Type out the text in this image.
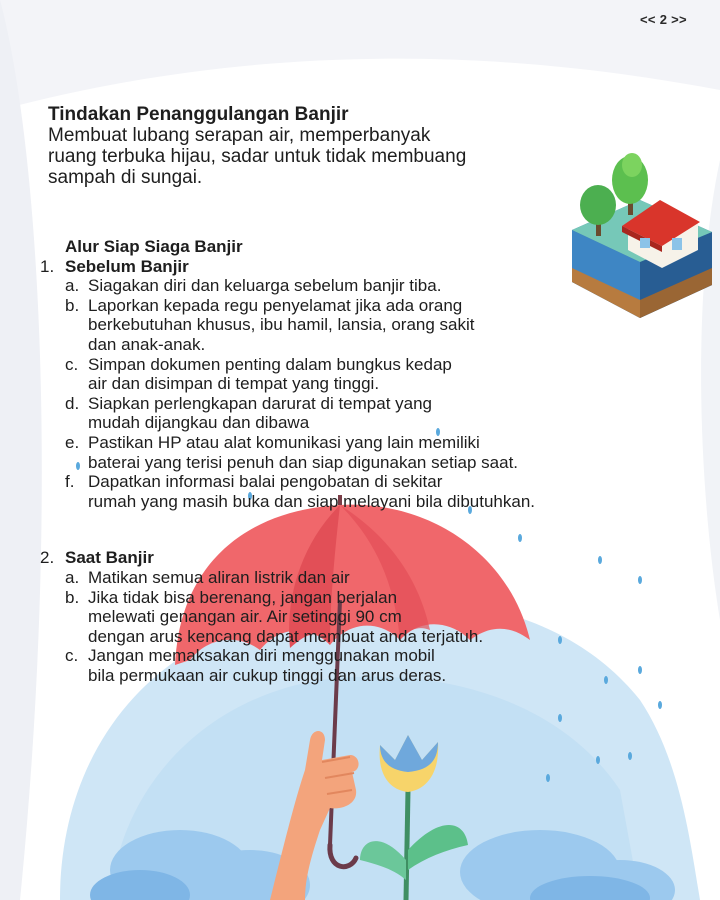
<< 2 >>
Tindakan Penanggulangan Banjir
Membuat lubang serapan air, memperbanyak
ruang terbuka hijau, sadar untuk tidak membuang
sampah di sungai.
Alur Siap Siaga Banjir
1. Sebelum Banjir
a. Siagakan diri dan keluarga sebelum banjir tiba.
b. Laporkan kepada regu penyelamat jika ada orang
berkebutuhan khusus, ibu hamil, lansia, orang sakit
dan anak-anak.
c. Simpan dokumen penting dalam bungkus kedap
air dan disimpan di tempat yang tinggi.
d. Siapkan perlengkapan darurat di tempat yang
mudah dijangkau dan dibawa
e. Pastikan HP atau alat komunikasi yang lain memiliki
baterai yang terisi penuh dan siap digunakan setiap saat.
f. Dapatkan informasi balai pengobatan di sekitar
rumah yang masih buka dan siap melayani bila dibutuhkan.
2. Saat Banjir
a. Matikan semua aliran listrik dan air
b. Jika tidak bisa berenang, jangan berjalan
melewati genangan air. Air setinggi 90 cm
dengan arus kencang dapat membuat anda terjatuh.
c. Jangan memaksakan diri menggunakan mobil
bila permukaan air cukup tinggi dan arus deras.
